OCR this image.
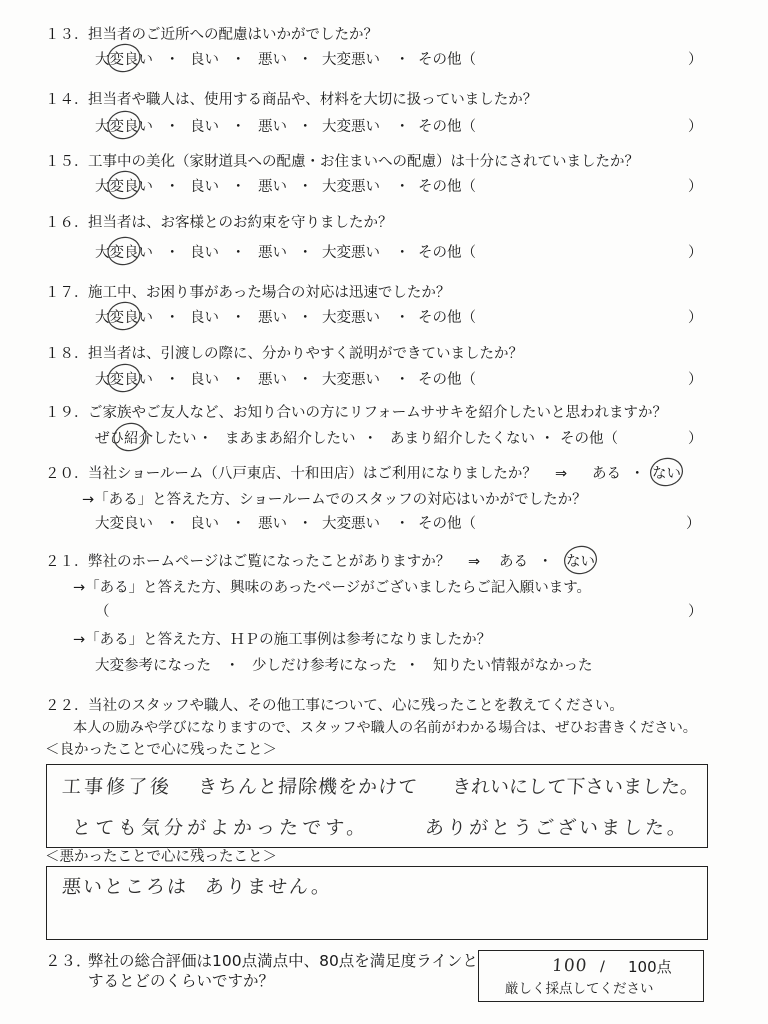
１３． 担当者のご近所への配慮はいかがでしたか？
大変良い ・ 良い ・ 悪い ・ 大変悪い ・ その他（	）
１４． 担当者や職人は、使用する商品や、材料を大切に扱っていましたか？
大変良い ・ 良い ・ 悪い ・ 大変悪い ・ その他（	）
１５． 工事中の美化（家財道具への配慮・お住まいへの配慮）は十分にされていましたか？
大変良い ・ 良い ・ 悪い ・ 大変悪い ・ その他（	）
１６． 担当者は、お客様とのお約束を守りましたか？
大変良い ・ 良い ・ 悪い ・ 大変悪い ・ その他（	）
１７． 施工中、お困り事があった場合の対応は迅速でしたか？
大変良い ・ 良い ・ 悪い ・ 大変悪い ・ その他（	）
１８． 担当者は、引渡しの際に、分かりやすく説明ができていましたか？
大変良い ・ 良い ・ 悪い ・ 大変悪い ・ その他（	）
１９． ご家族やご友人など、お知り合いの方にリフォームササキを紹介したいと思われますか？
ぜひ紹介したい ・ まあまあ紹介したい ・ あまり紹介したくない ・ その他（	）
２０． 当社ショールーム（八戸東店、十和田店）はご利用になりましたか？ ⇒ ある ・ ない
→「ある」と答えた方、ショールームでのスタッフの対応はいかがでしたか？
大変良い ・ 良い ・ 悪い ・ 大変悪い ・ その他（	）
２１． 弊社のホームページはご覧になったことがありますか？ ⇒ ある ・ ない
→「ある」と答えた方、興味のあったページがございましたらご記入願います。
（	）
→「ある」と答えた方、ＨＰの施工事例は参考になりましたか？
大変参考になった ・ 少しだけ参考になった ・ 知りたい情報がなかった
２２． 当社のスタッフや職人、その他工事について、心に残ったことを教えてください。
本人の励みや学びになりますので、スタッフや職人の名前がわかる場合は、ぜひお書きください。
＜良かったことで心に残ったこと＞
工事修了後 きちんと掃除機をかけて きれいにして下さいました。
とても気分がよかったです。	ありがとうございました。
＜悪かったことで心に残ったこと＞
悪いところは ありません。
２３．
弊社の総合評価は100点満点中、80点を満足度ラインと
するとどのくらいですか？
100 / 100点
厳しく採点してください
